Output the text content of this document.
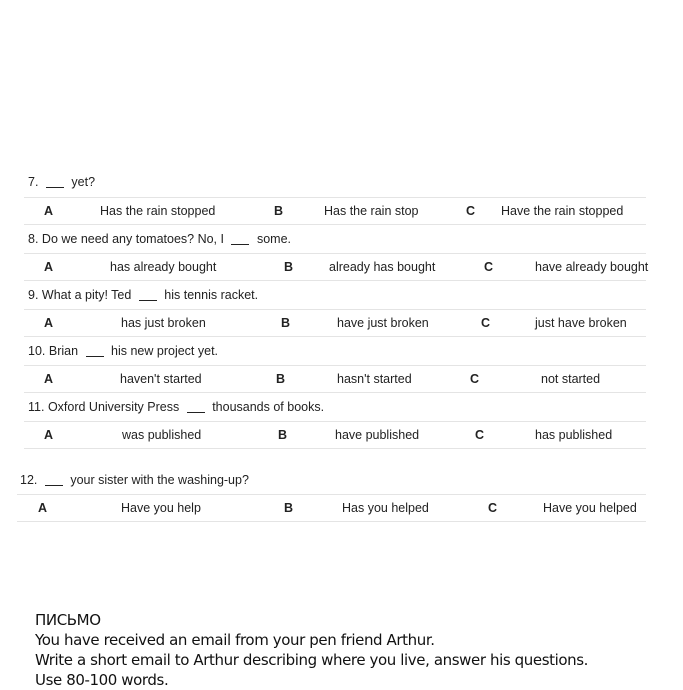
7.	yet?
A	Has the rain stopped	B	Has the rain stop	C Have the rain stopped
8. Do we need any tomatoes? No, I	some.
A	has already bought	B	already has bought	C	have already bought
9. What a pity! Ted	his tennis racket.
A	has just broken	B	have just broken	C	just have broken
10. Brian	his new project yet.
A	haven't started	B	hasn't started	C	not started
11. Oxford University Press	thousands of books.
A	was published	B	have published	C	has published
12.	your sister with the washing-up?
A	Have you help	B	Has you helped	C	Have you helped
ПИСЬМО
You have received an email from your pen friend Arthur.
Write a short email to Arthur describing where you live, answer his questions.
Use 80-100 words.
